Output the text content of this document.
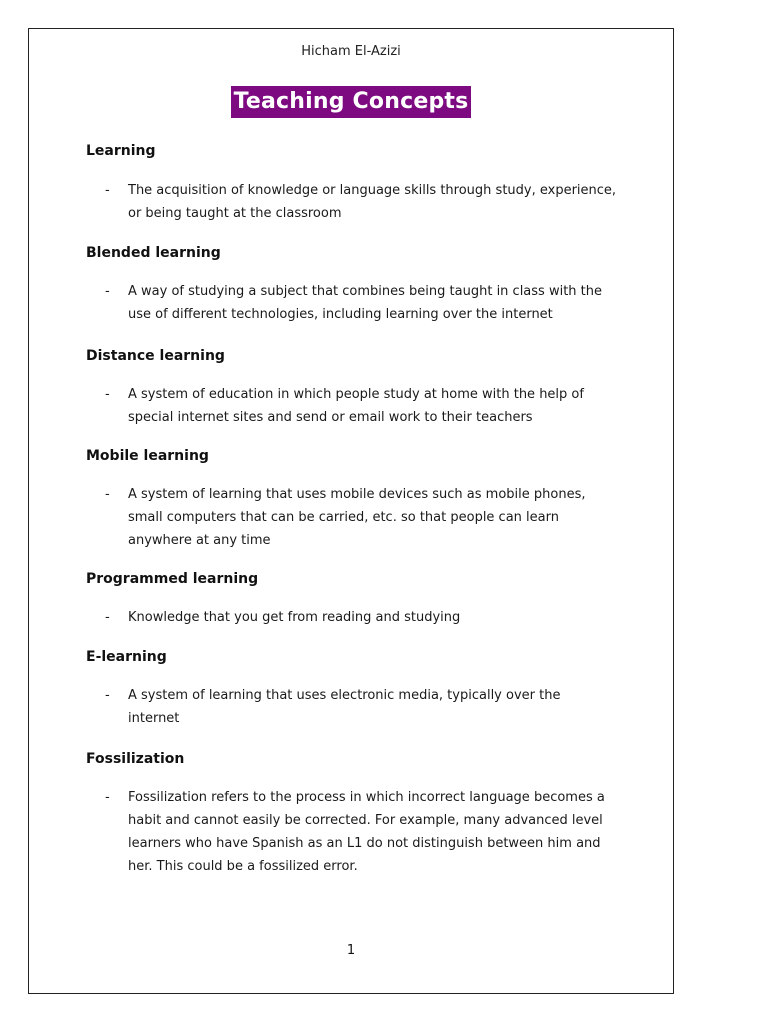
Hicham El-Azizi
Teaching Concepts
Learning
- The acquisition of knowledge or language skills through study, experience,
or being taught at the classroom
Blended learning
- A way of studying a subject that combines being taught in class with the
use of different technologies, including learning over the internet
Distance learning
- A system of education in which people study at home with the help of
special internet sites and send or email work to their teachers
Mobile learning
- A system of learning that uses mobile devices such as mobile phones,
small computers that can be carried, etc. so that people can learn
anywhere at any time
Programmed learning
- Knowledge that you get from reading and studying
E-learning
- A system of learning that uses electronic media, typically over the
internet
Fossilization
- Fossilization refers to the process in which incorrect language becomes a
habit and cannot easily be corrected. For example, many advanced level
learners who have Spanish as an L1 do not distinguish between him and
her. This could be a fossilized error.
1
